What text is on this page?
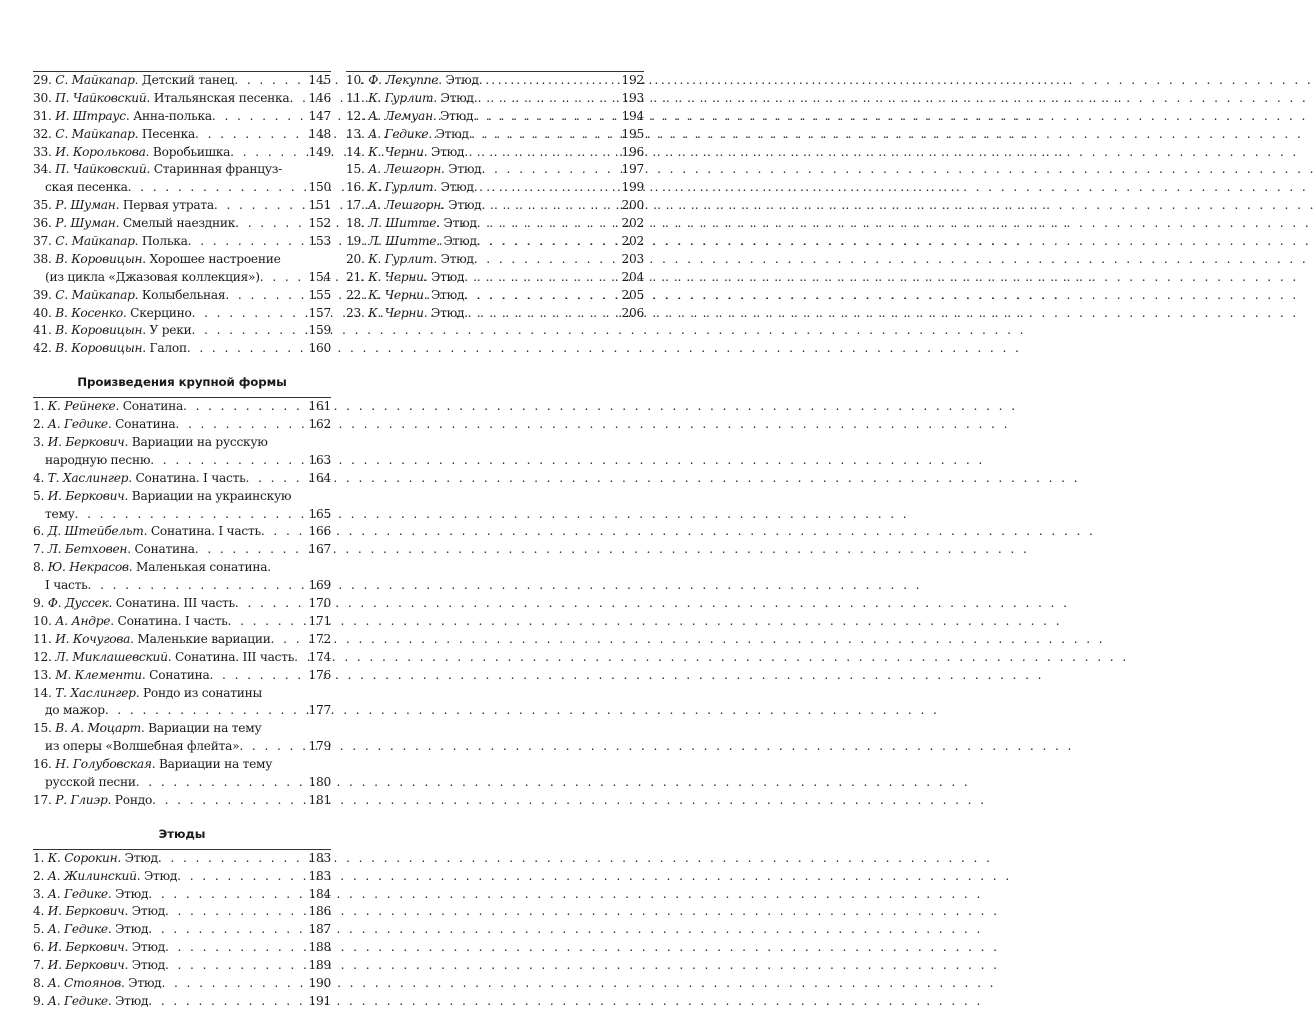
29. С. Майкапар. Детский танец . . .	145
30. П. Чайковский. Итальянская песенка . . . 146
31. И. Штраус. Анна-полька . . .	147
32. С. Майкапар. Песенка . . .	148
33. И. Королькова. Воробьишка . . .	149
34. П. Чайковский. Старинная француз-
ская песенка . . .	150
35. Р. Шуман. Первая утрата . . .	151
36. Р. Шуман. Смелый наездник . . .	152
37. С. Майкапар. Полька . . .	153
38. В. Коровицын. Хорошее настроение
(из цикла «Джазовая коллекция») . . .	154
39. С. Майкапар. Колыбельная . . .	155
40. В. Косенко. Скерцино . . .	157
41. В. Коровицын. У реки . . .	159
42. В. Коровицын. Галоп . . .	160
Произведения крупной формы
1. К. Рейнеке. Сонатина . . .	161
2. А. Гедике. Сонатина . . .	162
3. И. Беркович. Вариации на русскую
народную песню . . .	163
4. Т. Хаслингер. Сонатина. I часть . . .	164
5. И. Беркович. Вариации на украинскую
тему . . .	165
6. Д. Штейбельт. Сонатина. I часть . . .	166
7. Л. Бетховен. Сонатина . . .	167
8. Ю. Некрасов. Маленькая сонатина.
I часть . . .	169
9. Ф. Дуссек. Сонатина. III часть . . .	170
10. А. Андре. Сонатина. I часть . . .	171
11. И. Кочугова. Маленькие вариации . . .	172
12. Л. Миклашевский. Сонатина. III часть . . . 174
13. М. Клементи. Сонатина . . .	176
14. Т. Хаслингер. Рондо из сонатины
до мажор . . .	177
15. В. А. Моцарт. Вариации на тему
из оперы «Волшебная флейта» . . .	179
16. Н. Голубовская. Вариации на тему
русской песни . . .	180
17. Р. Глиэр. Рондо . . .	181
Этюды
1. К. Сорокин. Этюд . . .	183
2. А. Жилинский. Этюд . . .	183
3. А. Гедике. Этюд . . .	184
4. И. Беркович. Этюд . . .	186
5. А. Гедике. Этюд . . .	187
6. И. Беркович. Этюд . . .	188
7. И. Беркович. Этюд . . .	189
8. А. Стоянов. Этюд . . .	190
9. А. Гедике. Этюд . . .	191
10. Ф. Лекуппе. Этюд . . .	192
11. К. Гурлит. Этюд . . .	193
12. А. Лемуан. Этюд . . .	194
13. А. Гедике. Этюд . . .	195
14. К. Черни. Этюд . . .	196
15. А. Лешгорн. Этюд . . .	197
16. К. Гурлит. Этюд . . .	199
17. А. Лешгорн. Этюд . . .	200
18. Л. Шитте. Этюд . . .	202
19. Л. Шитте. Этюд . . .	202
20. К. Гурлит. Этюд . . .	203
21. К. Черни. Этюд . . .	204
22. К. Черни. Этюд . . .	205
23. К. Черни. Этюд . . .	206
